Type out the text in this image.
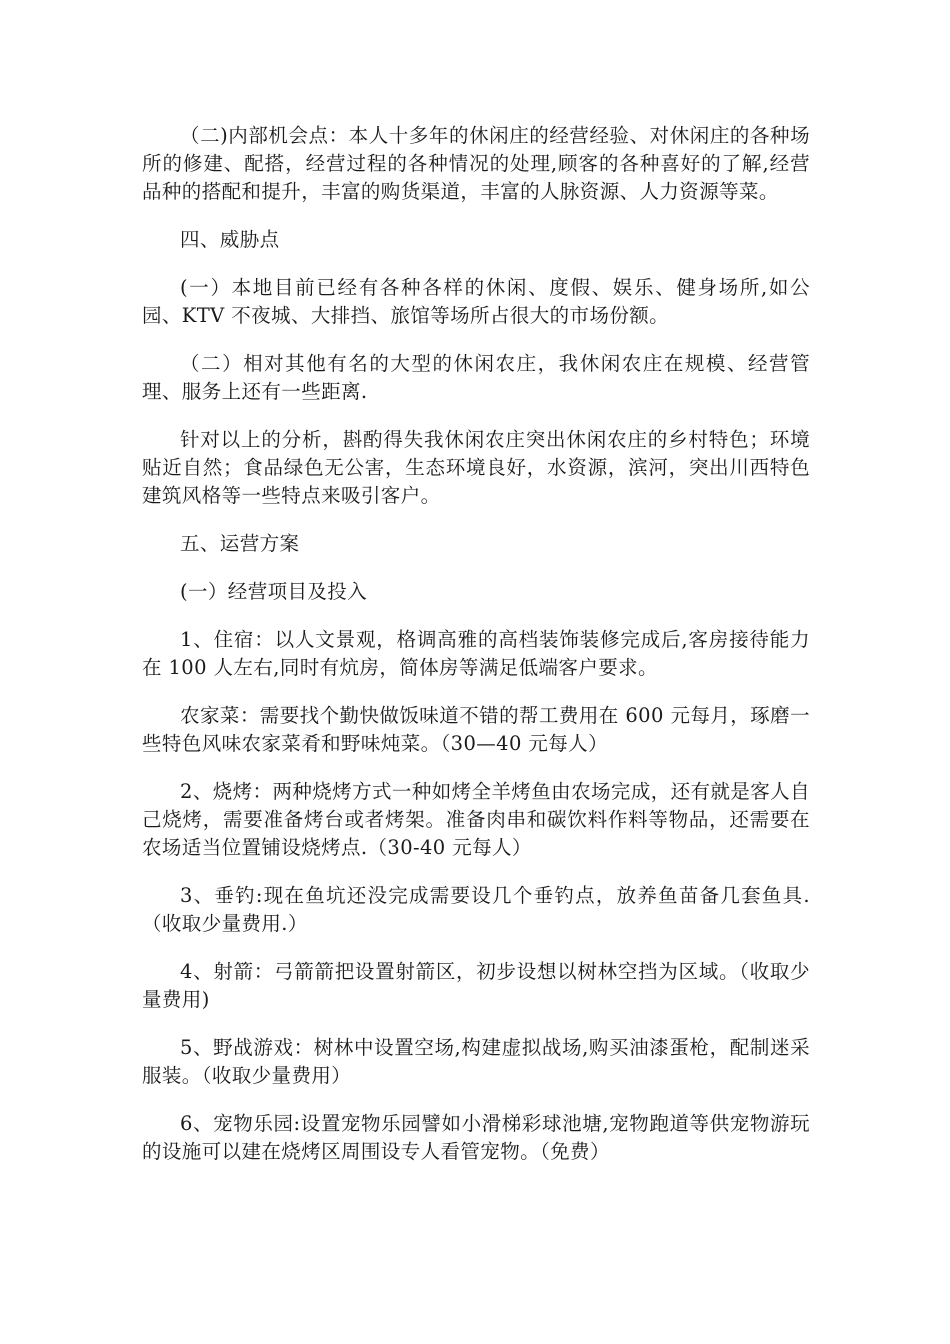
（二)内部机会点：本人十多年的休闲庄的经营经验、对休闲庄的各种场所的修建、配搭，经营过程的各种情况的处理,顾客的各种喜好的了解,经营品种的搭配和提升，丰富的购货渠道，丰富的人脉资源、人力资源等菜。

四、威胁点

(一）本地目前已经有各种各样的休闲、度假、娱乐、健身场所,如公园、KTV 不夜城、大排挡、旅馆等场所占很大的市场份额。

（二）相对其他有名的大型的休闲农庄，我休闲农庄在规模、经营管理、服务上还有一些距离.

针对以上的分析，斟酌得失我休闲农庄突出休闲农庄的乡村特色；环境贴近自然；食品绿色无公害，生态环境良好，水资源，滨河，突出川西特色建筑风格等一些特点来吸引客户。

五、运营方案

(一）经营项目及投入

1、住宿：以人文景观，格调高雅的高档装饰装修完成后,客房接待能力在 100 人左右,同时有炕房，简体房等满足低端客户要求。

农家菜：需要找个勤快做饭味道不错的帮工费用在 600 元每月，琢磨一些特色风味农家菜肴和野味炖菜。（30—40 元每人）

2、烧烤：两种烧烤方式一种如烤全羊烤鱼由农场完成，还有就是客人自己烧烤，需要准备烤台或者烤架。准备肉串和碳饮料作料等物品，还需要在农场适当位置铺设烧烤点.（30-40 元每人）

3、垂钓:现在鱼坑还没完成需要设几个垂钓点，放养鱼苗备几套鱼具.（收取少量费用.）

4、射箭：弓箭箭把设置射箭区，初步设想以树林空挡为区域。（收取少量费用)

5、野战游戏：树林中设置空场,构建虚拟战场,购买油漆蛋枪，配制迷采服装。（收取少量费用）

6、宠物乐园:设置宠物乐园譬如小滑梯彩球池塘,宠物跑道等供宠物游玩的设施可以建在烧烤区周围设专人看管宠物。（免费）
